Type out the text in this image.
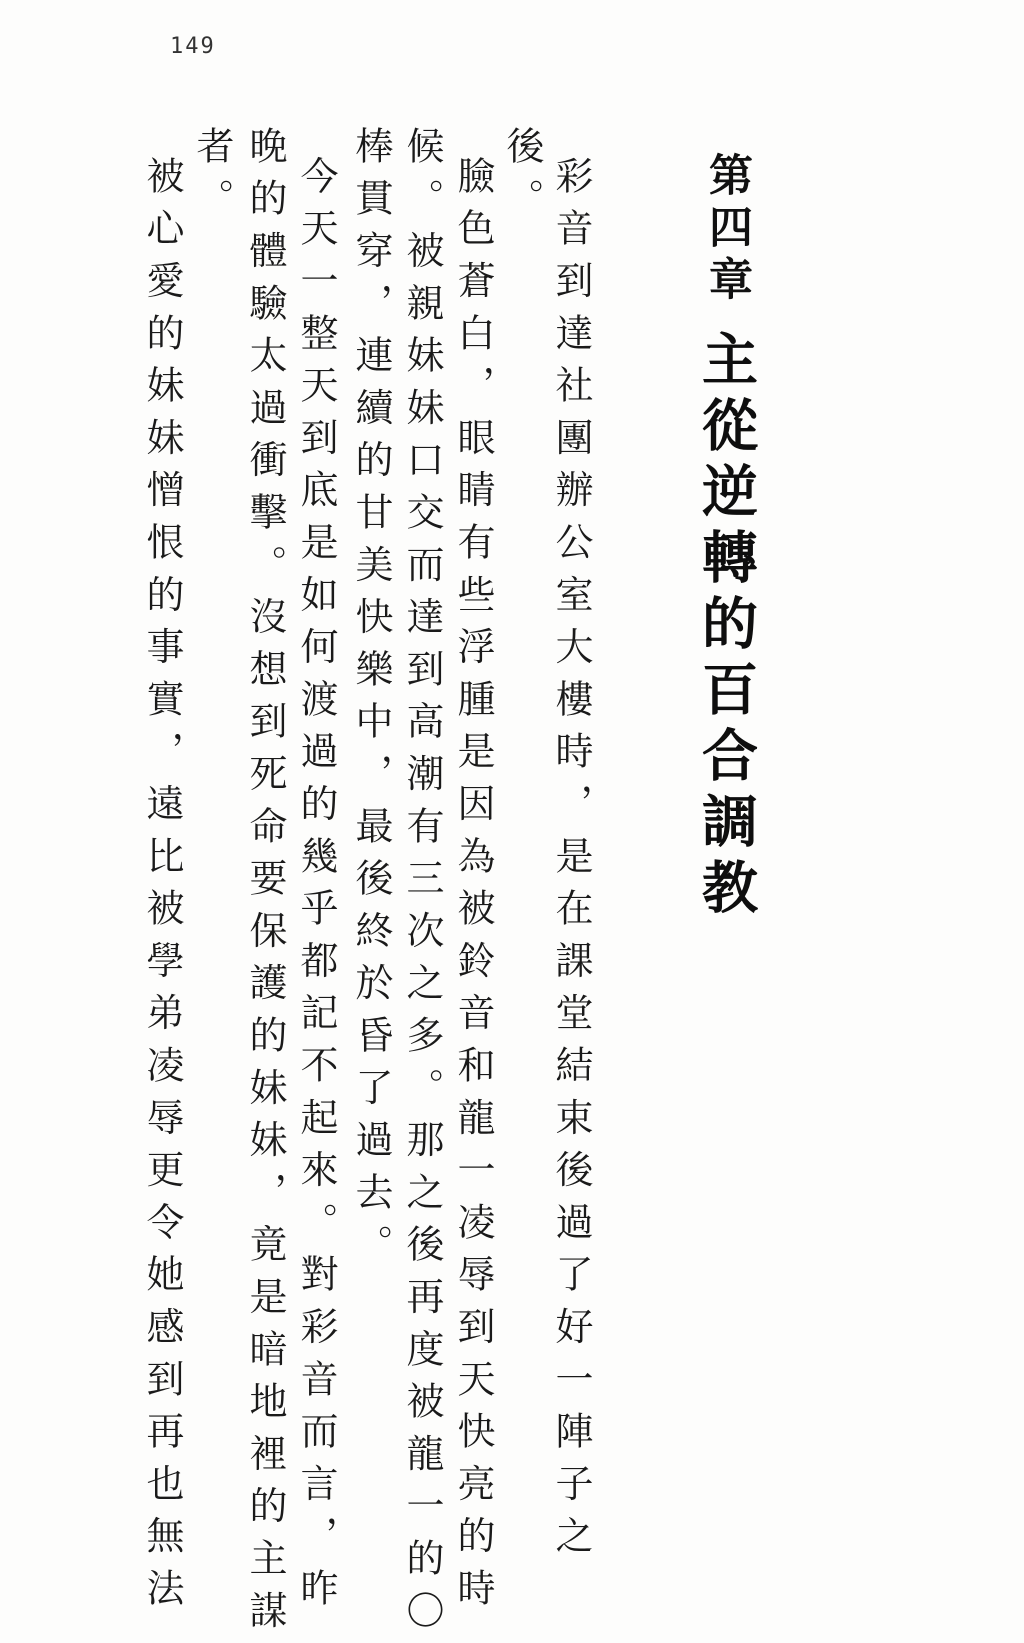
149
第四章
主從逆轉的百合調教
彩音到達社團辦公室大樓時，是在課堂結束後過了好一陣子之
後。
臉色蒼白，眼睛有些浮腫是因為被鈴音和龍一凌辱到天快亮的時
候。被親妹妹口交而達到高潮有三次之多。那之後再度被龍一的〇
棒貫穿，連續的甘美快樂中，最後終於昏了過去。
今天一整天到底是如何渡過的幾乎都記不起來。對彩音而言，昨
晚的體驗太過衝擊。沒想到死命要保護的妹妹，竟是暗地裡的主謀
者。
被心愛的妹妹憎恨的事實，遠比被學弟凌辱更令她感到再也無法
